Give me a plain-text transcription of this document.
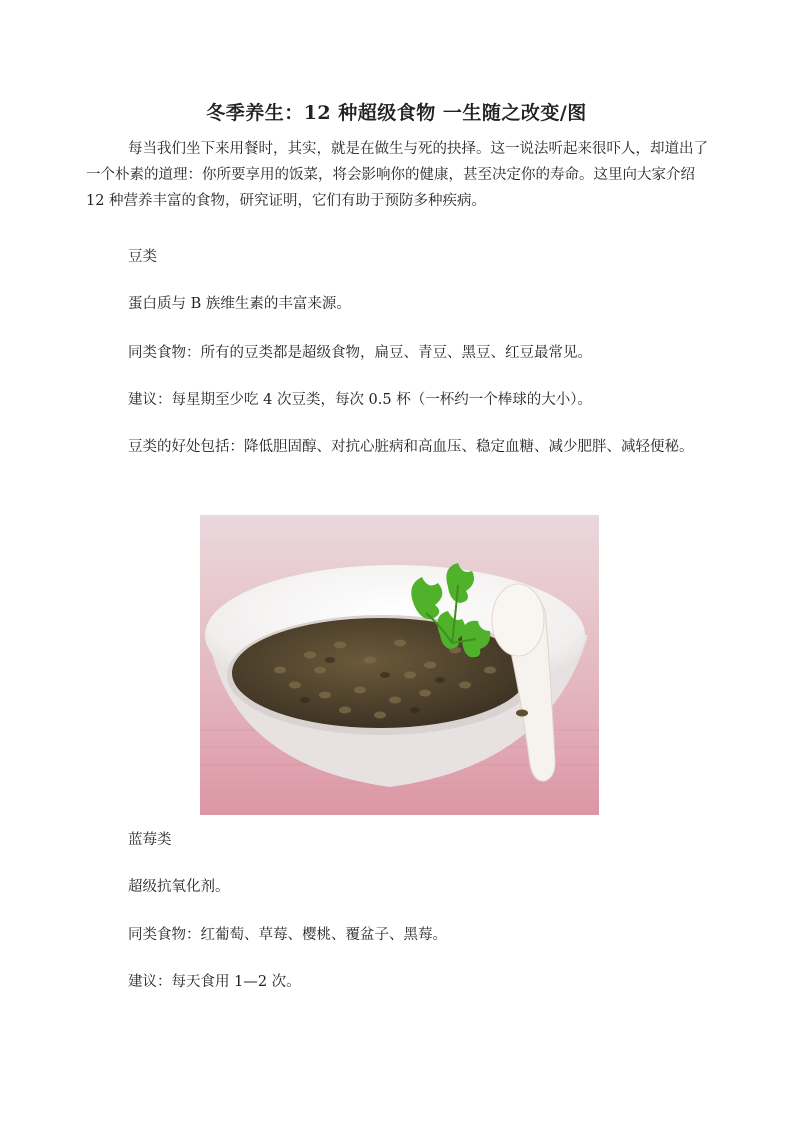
冬季养生：12 种超级食物 一生随之改变/图

每当我们坐下来用餐时，其实，就是在做生与死的抉择。这一说法听起来很吓人，却道出了一个朴素的道理：你所要享用的饭菜，将会影响你的健康，甚至决定你的寿命。这里向大家介绍 12 种营养丰富的食物，研究证明，它们有助于预防多种疾病。

豆类

蛋白质与 B 族维生素的丰富来源。

同类食物：所有的豆类都是超级食物，扁豆、青豆、黑豆、红豆最常见。

建议：每星期至少吃 4 次豆类，每次 0.5 杯（一杯约一个棒球的大小）。

豆类的好处包括：降低胆固醇、对抗心脏病和高血压、稳定血糖、减少肥胖、减轻便秘。

蓝莓类

超级抗氧化剂。

同类食物：红葡萄、草莓、樱桃、覆盆子、黑莓。

建议：每天食用 1—2 次。
